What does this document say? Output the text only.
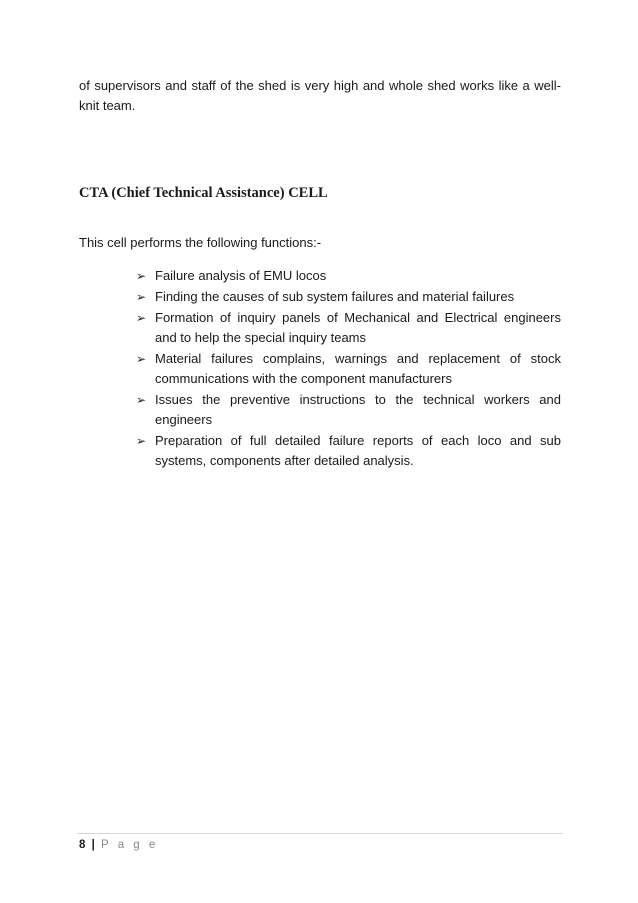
of supervisors and staff of the shed is very high and whole shed works like a well-knit team.

CTA (Chief Technical Assistance) CELL

This cell performs the following functions:-

➢ Failure analysis of EMU locos
➢ Finding the causes of sub system failures and material failures
➢ Formation of inquiry panels of Mechanical and Electrical engineers and to help the special inquiry teams
➢ Material failures complains, warnings and replacement of stock communications with the component manufacturers
➢ Issues the preventive instructions to the technical workers and engineers
➢ Preparation of full detailed failure reports of each loco and sub systems, components after detailed analysis.
8 | P a g e
